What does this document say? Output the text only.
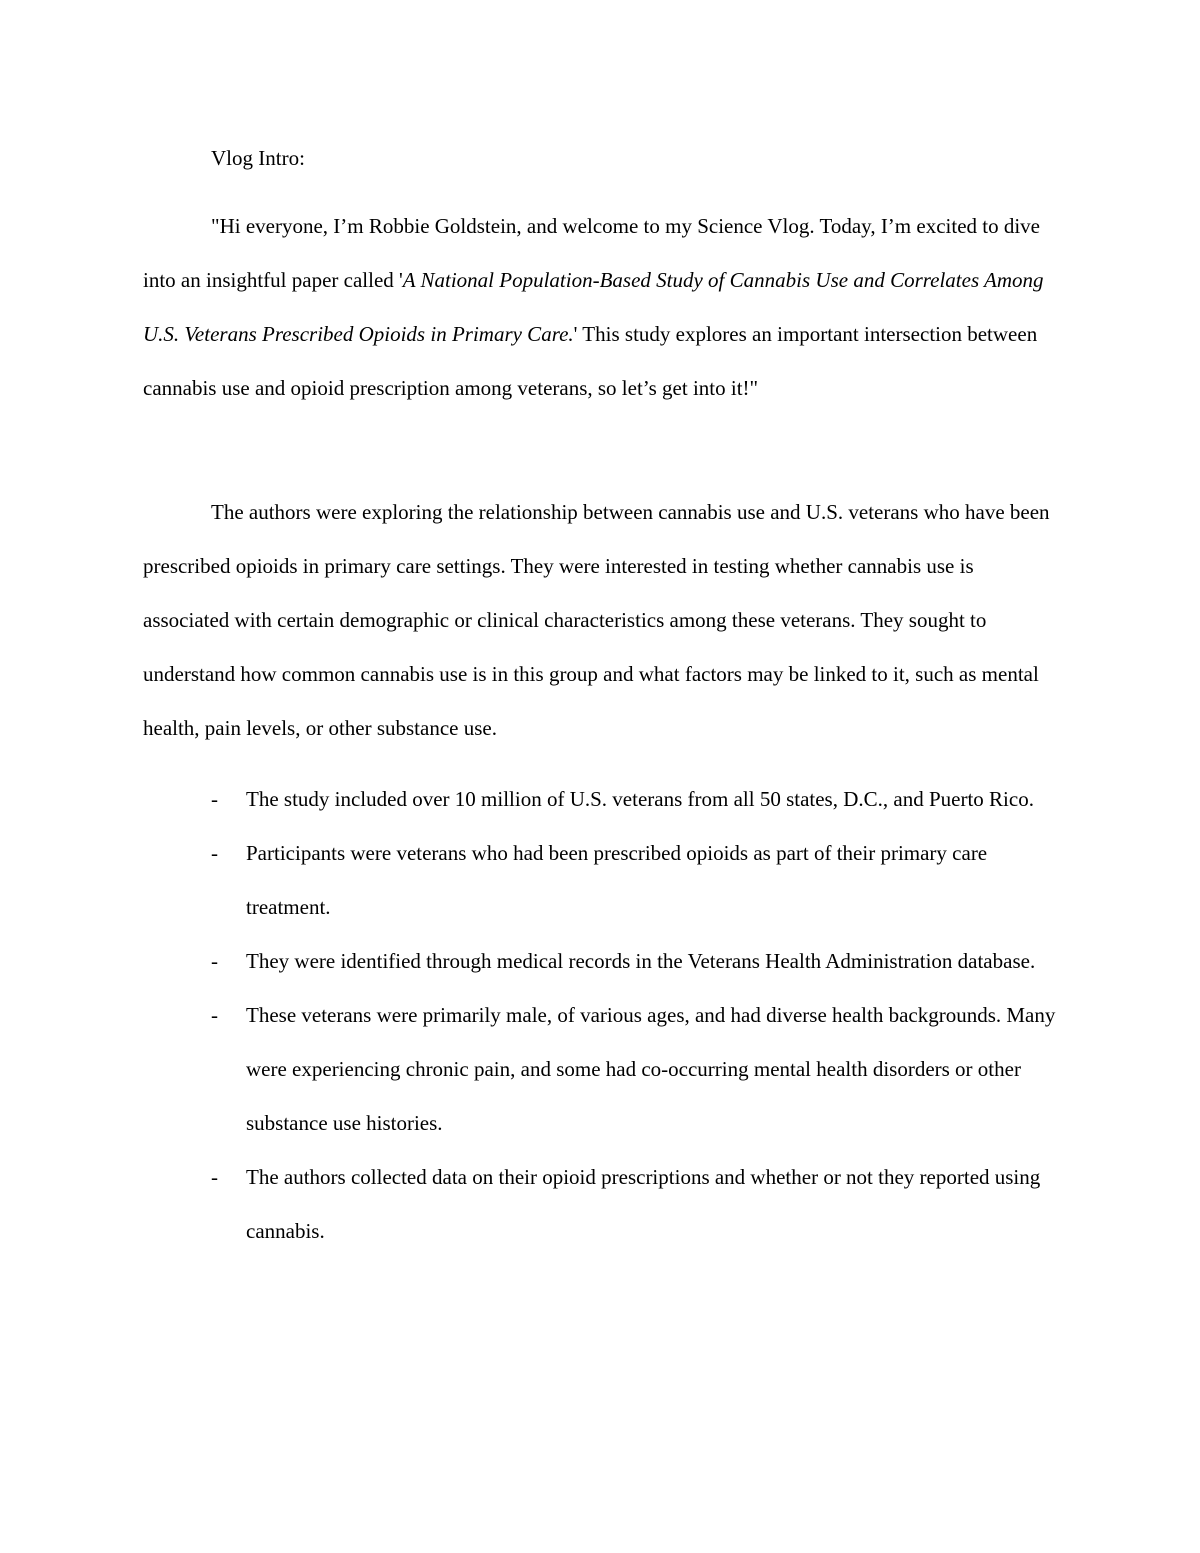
Vlog Intro:

"Hi everyone, I’m Robbie Goldstein, and welcome to my Science Vlog. Today, I’m excited to dive into an insightful paper called 'A National Population-Based Study of Cannabis Use and Correlates Among U.S. Veterans Prescribed Opioids in Primary Care.' This study explores an important intersection between cannabis use and opioid prescription among veterans, so let’s get into it!"

The authors were exploring the relationship between cannabis use and U.S. veterans who have been prescribed opioids in primary care settings. They were interested in testing whether cannabis use is associated with certain demographic or clinical characteristics among these veterans. They sought to understand how common cannabis use is in this group and what factors may be linked to it, such as mental health, pain levels, or other substance use.

- The study included over 10 million of U.S. veterans from all 50 states, D.C., and Puerto Rico.
- Participants were veterans who had been prescribed opioids as part of their primary care treatment.
- They were identified through medical records in the Veterans Health Administration database.
- These veterans were primarily male, of various ages, and had diverse health backgrounds. Many were experiencing chronic pain, and some had co-occurring mental health disorders or other substance use histories.
- The authors collected data on their opioid prescriptions and whether or not they reported using cannabis.
